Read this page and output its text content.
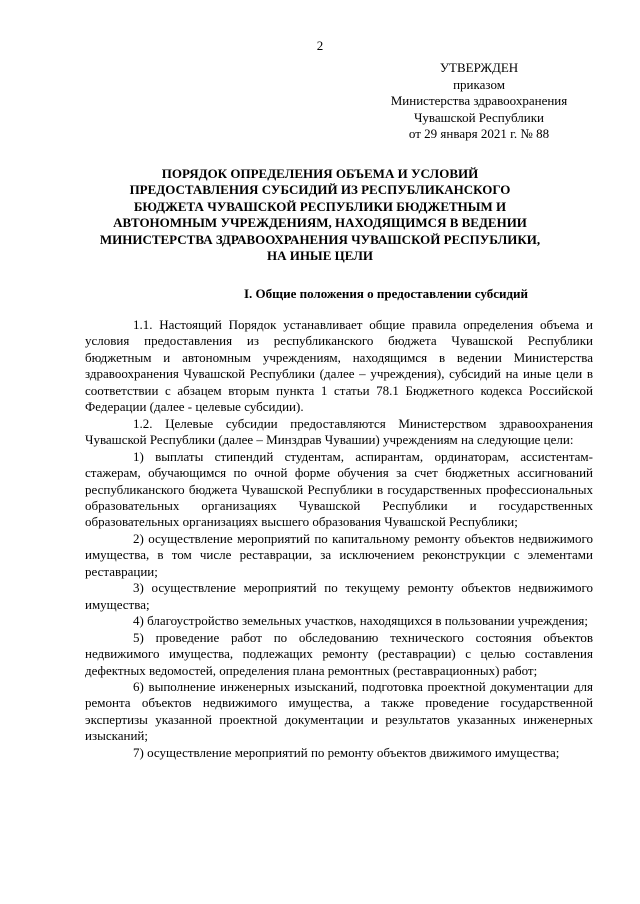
2
УТВЕРЖДЕН
приказом
Министерства здравоохранения
Чувашской Республики
от 29 января 2021 г. № 88
ПОРЯДОК ОПРЕДЕЛЕНИЯ ОБЪЕМА И УСЛОВИЙ
ПРЕДОСТАВЛЕНИЯ СУБСИДИЙ ИЗ РЕСПУБЛИКАНСКОГО
БЮДЖЕТА ЧУВАШСКОЙ РЕСПУБЛИКИ БЮДЖЕТНЫМ И
АВТОНОМНЫМ УЧРЕЖДЕНИЯМ, НАХОДЯЩИМСЯ В ВЕДЕНИИ
МИНИСТЕРСТВА ЗДРАВООХРАНЕНИЯ ЧУВАШСКОЙ РЕСПУБЛИКИ,
НА ИНЫЕ ЦЕЛИ
I. Общие положения о предоставлении субсидий

1.1. Настоящий Порядок устанавливает общие правила определения объема и условия предоставления из республиканского бюджета Чувашской Республики бюджетным и автономным учреждениям, находящимся в ведении Министерства здравоохранения Чувашской Республики (далее – учреждения), субсидий на иные цели в соответствии с абзацем вторым пункта 1 статьи 78.1 Бюджетного кодекса Российской Федерации (далее - целевые субсидии).

1.2. Целевые субсидии предоставляются Министерством здравоохранения Чувашской Республики (далее – Минздрав Чувашии) учреждениям на следующие цели:

1) выплаты стипендий студентам, аспирантам, ординаторам, ассистентам-стажерам, обучающимся по очной форме обучения за счет бюджетных ассигнований республиканского бюджета Чувашской Республики в государственных профессиональных образовательных организациях Чувашской Республики и государственных образовательных организациях высшего образования Чувашской Республики;

2) осуществление мероприятий по капитальному ремонту объектов недвижимого имущества, в том числе реставрации, за исключением реконструкции с элементами реставрации;

3) осуществление мероприятий по текущему ремонту объектов недвижимого имущества;

4) благоустройство земельных участков, находящихся в пользовании учреждения;

5) проведение работ по обследованию технического состояния объектов недвижимого имущества, подлежащих ремонту (реставрации) с целью составления дефектных ведомостей, определения плана ремонтных (реставрационных) работ;

6) выполнение инженерных изысканий, подготовка проектной документации для ремонта объектов недвижимого имущества, а также проведение государственной экспертизы указанной проектной документации и результатов указанных инженерных изысканий;

7) осуществление мероприятий по ремонту объектов движимого имущества;
